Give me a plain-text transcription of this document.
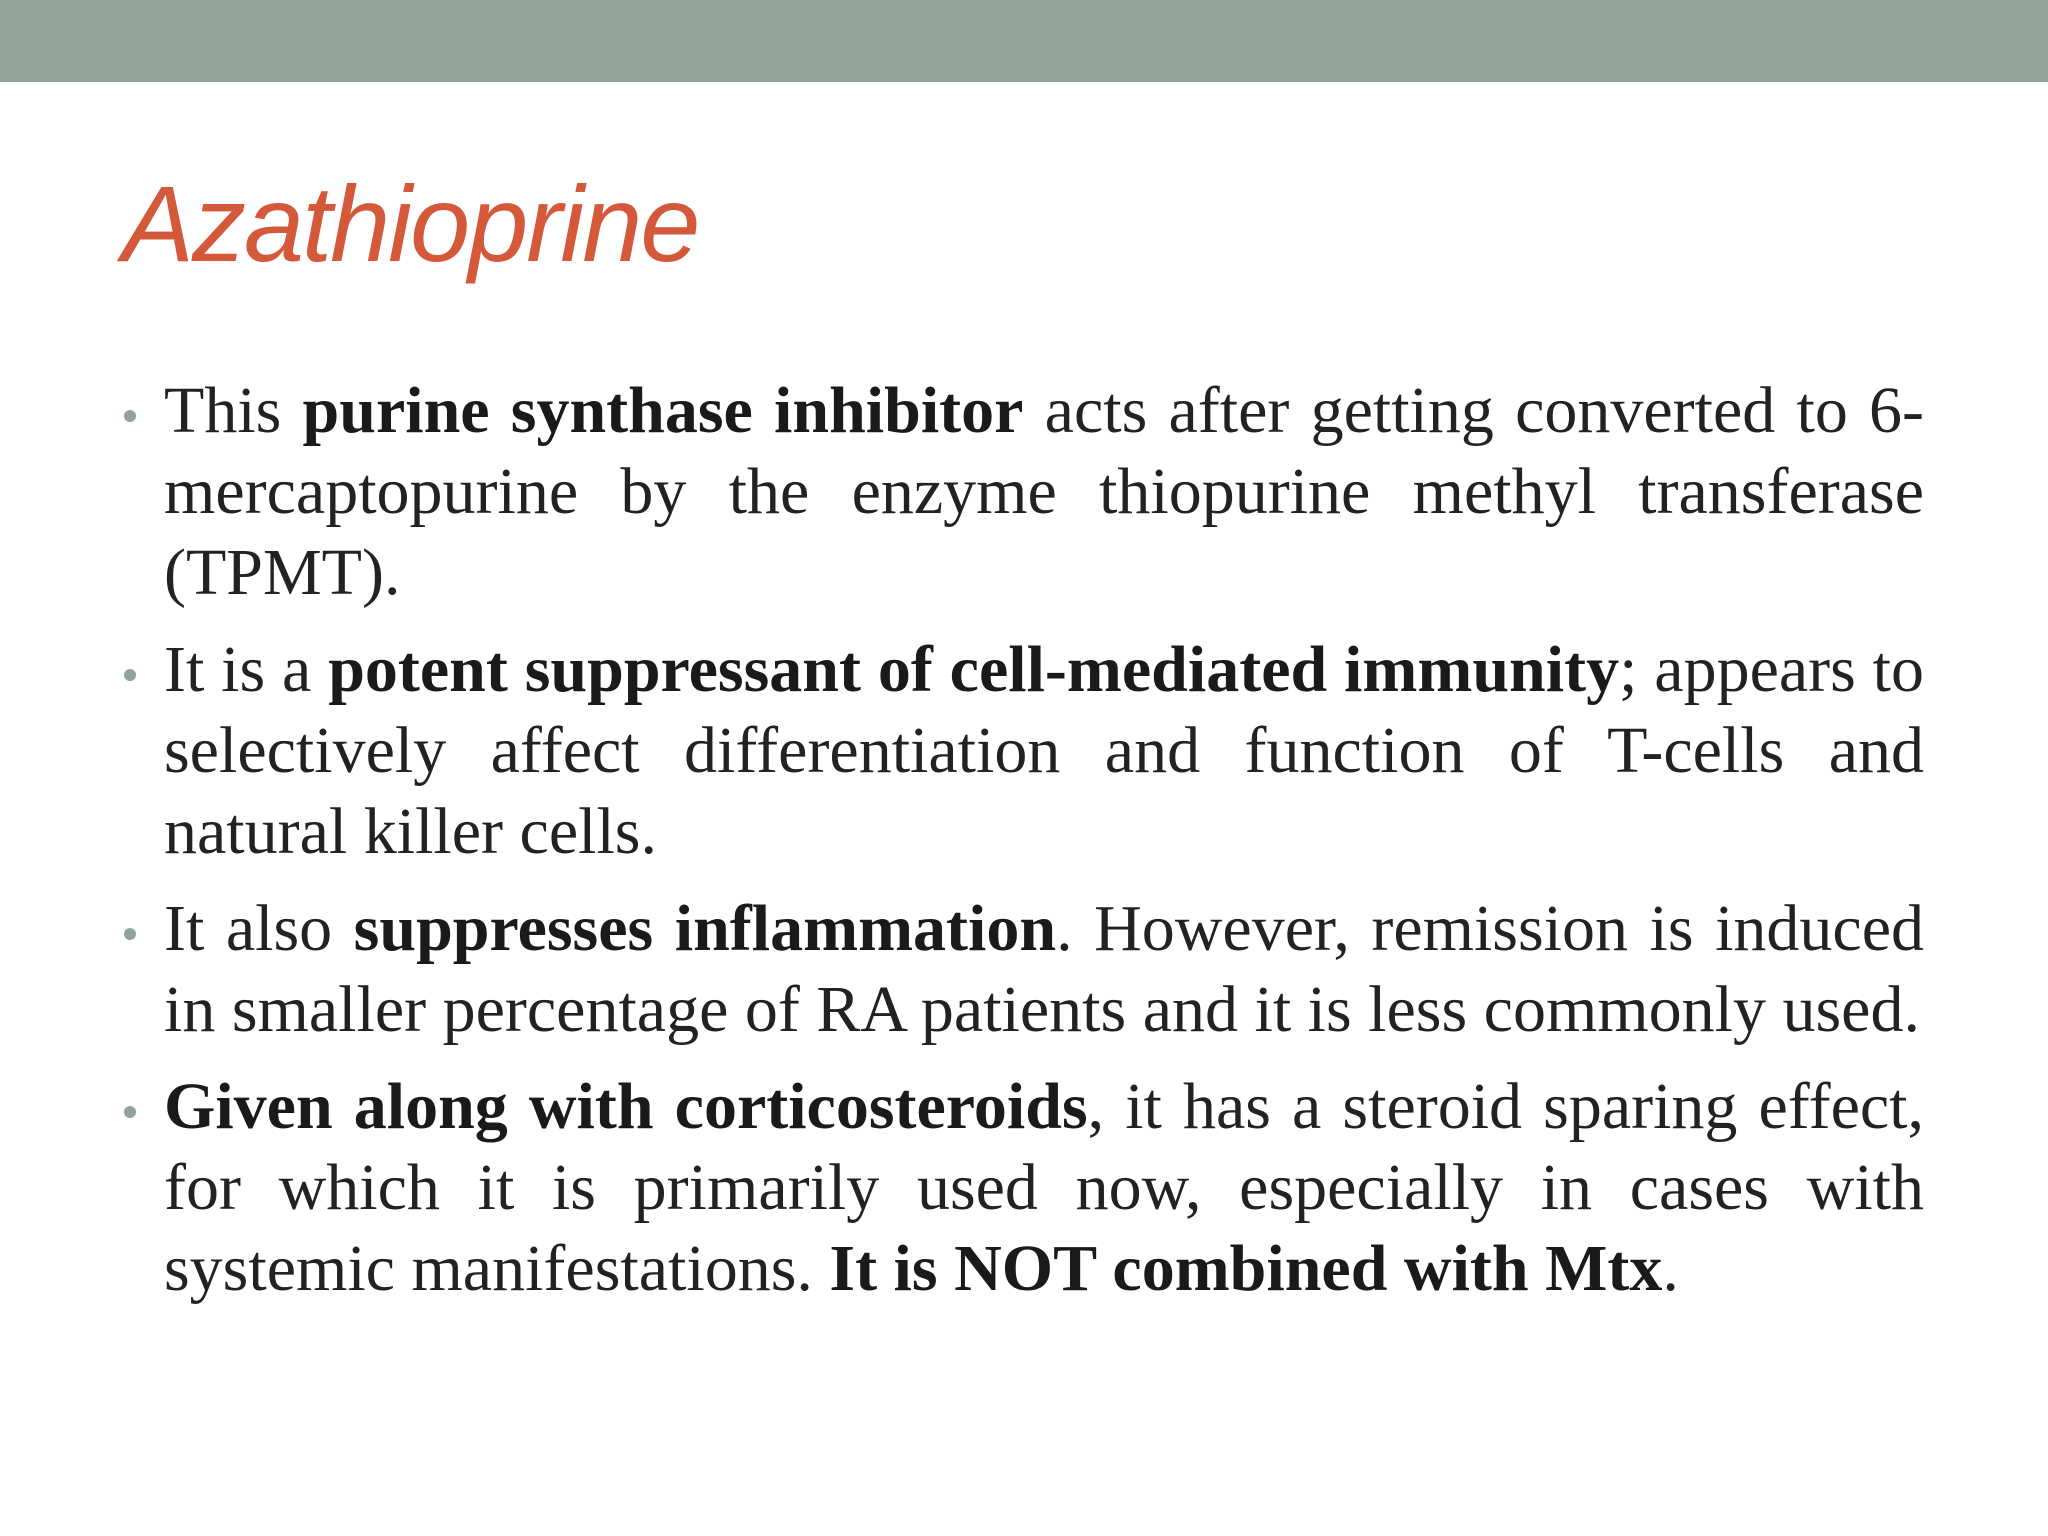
Azathioprine

This purine synthase inhibitor acts after getting converted to 6-mercaptopurine by the enzyme thiopurine methyl transferase (TPMT).

It is a potent suppressant of cell-mediated immunity; appears to selectively affect differentiation and function of T-cells and natural killer cells.

It also suppresses inflammation. However, remission is induced in smaller percentage of RA patients and it is less commonly used.

Given along with corticosteroids, it has a steroid sparing effect, for which it is primarily used now, especially in cases with systemic manifestations. It is NOT combined with Mtx.
